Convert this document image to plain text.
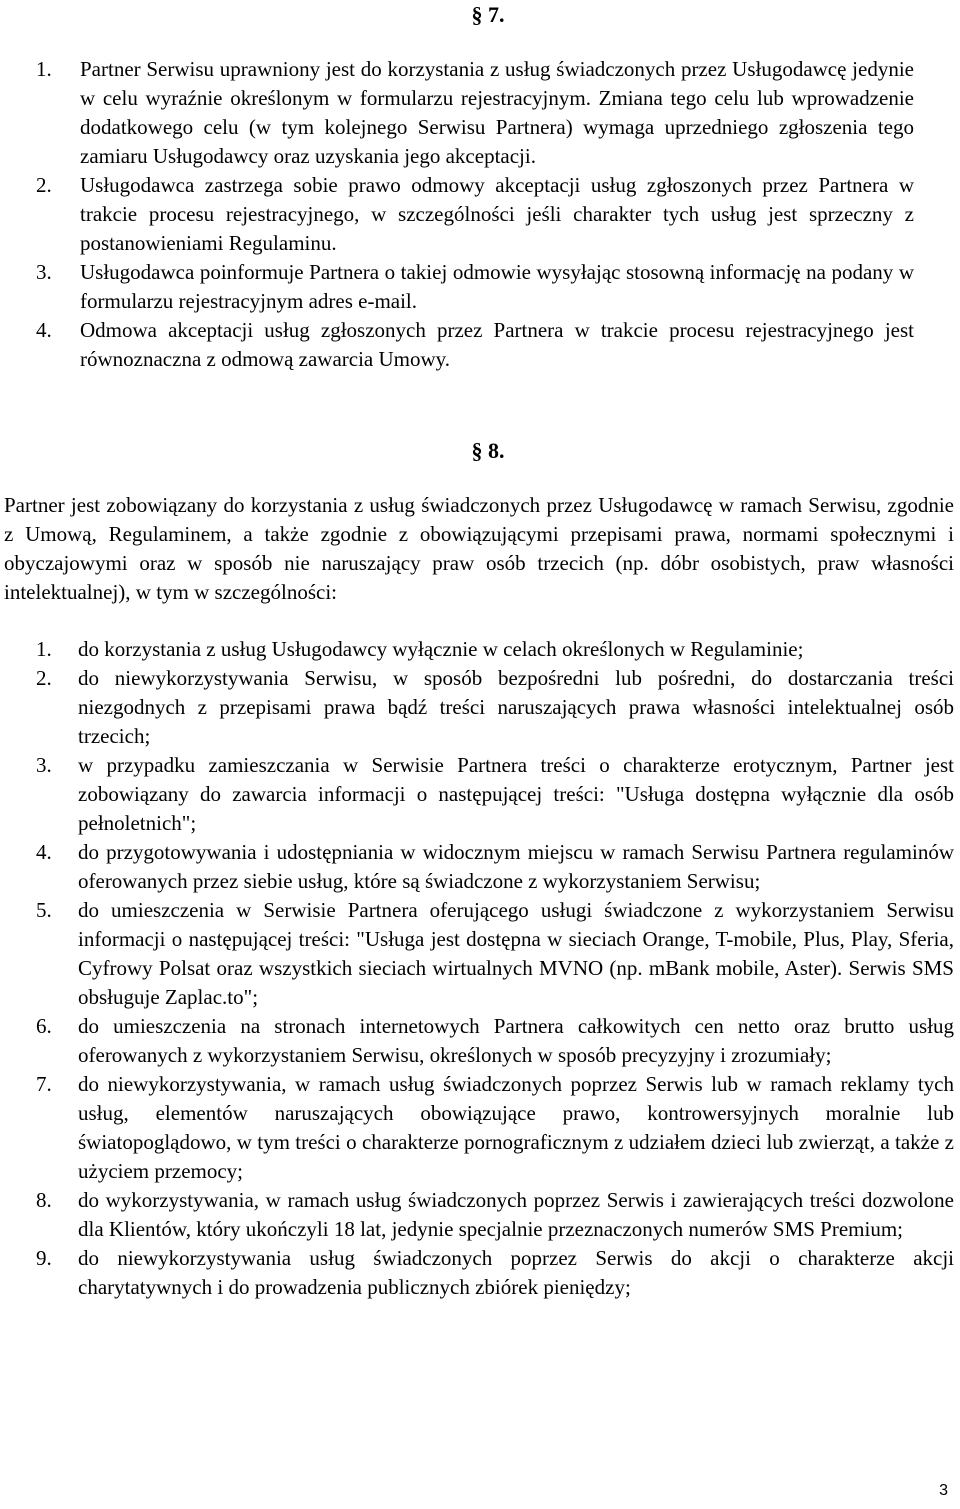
§ 7.
1.	Partner Serwisu uprawniony jest do korzystania z usług świadczonych przez Usługodawcę jedynie w celu wyraźnie określonym w formularzu rejestracyjnym. Zmiana tego celu lub wprowadzenie dodatkowego celu (w tym kolejnego Serwisu Partnera) wymaga uprzedniego zgłoszenia tego zamiaru Usługodawcy oraz uzyskania jego akceptacji.
2.	Usługodawca zastrzega sobie prawo odmowy akceptacji usług zgłoszonych przez Partnera w trakcie procesu rejestracyjnego, w szczególności jeśli charakter tych usług jest sprzeczny z postanowieniami Regulaminu.
3.	Usługodawca poinformuje Partnera o takiej odmowie wysyłając stosowną informację na podany w formularzu rejestracyjnym adres e-mail.
4.	Odmowa akceptacji usług zgłoszonych przez Partnera w trakcie procesu rejestracyjnego jest równoznaczna z odmową zawarcia Umowy.
§ 8.

Partner jest zobowiązany do korzystania z usług świadczonych przez Usługodawcę w ramach Serwisu, zgodnie z Umową, Regulaminem, a także zgodnie z obowiązującymi przepisami prawa, normami społecznymi i obyczajowymi oraz w sposób nie naruszający praw osób trzecich (np. dóbr osobistych, praw własności intelektualnej), w tym w szczególności:

1.	do korzystania z usług Usługodawcy wyłącznie w celach określonych w Regulaminie;
2.	do niewykorzystywania Serwisu, w sposób bezpośredni lub pośredni, do dostarczania treści niezgodnych z przepisami prawa bądź treści naruszających prawa własności intelektualnej osób trzecich;
3.	w przypadku zamieszczania w Serwisie Partnera treści o charakterze erotycznym, Partner jest zobowiązany do zawarcia informacji o następującej treści: "Usługa dostępna wyłącznie dla osób pełnoletnich";
4.	do przygotowywania i udostępniania w widocznym miejscu w ramach Serwisu Partnera regulaminów oferowanych przez siebie usług, które są świadczone z wykorzystaniem Serwisu;
5.	do umieszczenia w Serwisie Partnera oferującego usługi świadczone z wykorzystaniem Serwisu informacji o następującej treści: "Usługa jest dostępna w sieciach Orange, T-mobile, Plus, Play, Sferia, Cyfrowy Polsat oraz wszystkich sieciach wirtualnych MVNO (np. mBank mobile, Aster). Serwis SMS obsługuje Zaplac.to";
6.	do umieszczenia na stronach internetowych Partnera całkowitych cen netto oraz brutto usług oferowanych z wykorzystaniem Serwisu, określonych w sposób precyzyjny i zrozumiały;
7.	do niewykorzystywania, w ramach usług świadczonych poprzez Serwis lub w ramach reklamy tych usług, elementów naruszających obowiązujące prawo, kontrowersyjnych moralnie lub światopoglądowo, w tym treści o charakterze pornograficznym z udziałem dzieci lub zwierząt, a także z użyciem przemocy;
8.	do wykorzystywania, w ramach usług świadczonych poprzez Serwis i zawierających treści dozwolone dla Klientów, który ukończyli 18 lat, jedynie specjalnie przeznaczonych numerów SMS Premium;
9.	do niewykorzystywania usług świadczonych poprzez Serwis do akcji o charakterze akcji charytatywnych i do prowadzenia publicznych zbiórek pieniędzy;
3
